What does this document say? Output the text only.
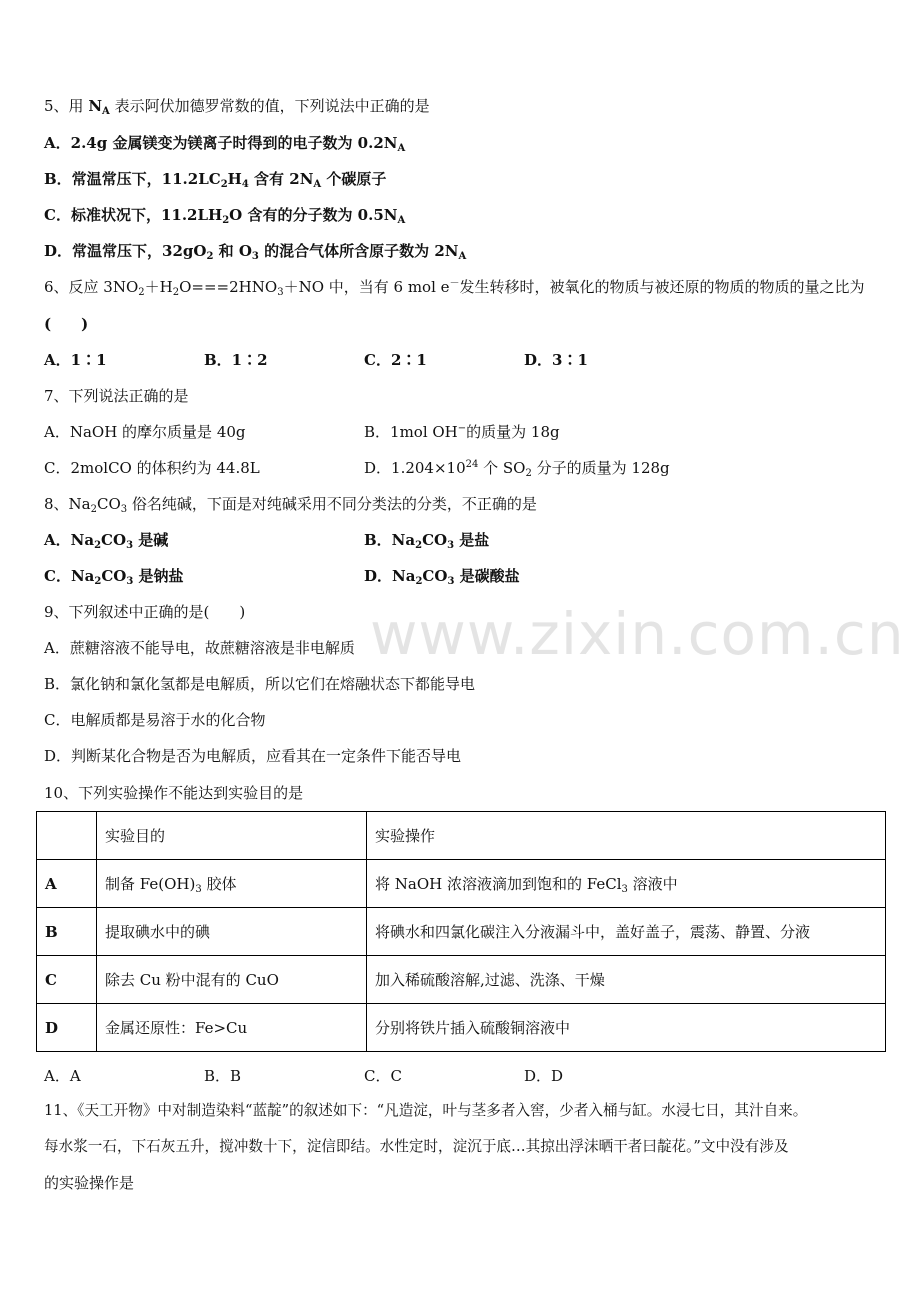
5、用 $N_A$ 表示阿伏加德罗常数的值，下列说法中正确的是
A．2.4g 金属镁变为镁离子时得到的电子数为 $0.2N_A$
B．常温常压下，$11.2LC_2H_4$ 含有 $2N_A$ 个碳原子
C．标准状况下，$11.2LH_2O$ 含有的分子数为 $0.5N_A$
D．常温常压下，$32gO_2$ 和 $O_3$ 的混合气体所含原子数为 $2N_A$
6、反应 $3NO_2+H_2O===2HNO_3+NO$ 中，当有 6 mol e－发生转移时，被氧化的物质与被还原的物质的物质的量之比为
(　　)
A．1∶1	B．1∶2	C．2∶1	D．3∶1
7、下列说法正确的是
A．NaOH 的摩尔质量是 40g	B．1mol OH−的质量为 18g
C．2molCO 的体积约为 44.8L	D．$1.204\times 10^{24}$ 个 $SO_2$ 分子的质量为 128g
8、$Na_2CO_3$ 俗名纯碱，下面是对纯碱采用不同分类法的分类，不正确的是
A．$Na_2CO_3$ 是碱	B．$Na_2CO_3$ 是盐
C．$Na_2CO_3$ 是钠盐	D．$Na_2CO_3$ 是碳酸盐
9、下列叙述中正确的是(　　)
A．蔗糖溶液不能导电，故蔗糖溶液是非电解质
B．氯化钠和氯化氢都是电解质，所以它们在熔融状态下都能导电
C．电解质都是易溶于水的化合物
D．判断某化合物是否为电解质，应看其在一定条件下能否导电
www.zixin.com.cn
10、下列实验操作不能达到实验目的是
	实验目的	实验操作
A	制备 $Fe(OH)_3$ 胶体	将 NaOH 浓溶液滴加到饱和的 FeCl$_3$ 溶液中
B	提取碘水中的碘	将碘水和四氯化碳注入分液漏斗中，盖好盖子，震荡、静置、分液
C	除去 Cu 粉中混有的 CuO	加入稀硫酸溶解,过滤、洗涤、干燥
D	金属还原性：Fe>Cu	分别将铁片插入硫酸铜溶液中
A．A	B．B	C．C	D．D
11、《天工开物》中对制造染料“蓝靛”的叙述如下：“凡造淀，叶与茎多者入窖，少者入桶与缸。水浸七日，其汁自来。
每水浆一石，下石灰五升，搅冲数十下，淀信即结。水性定时，淀沉于底…其掠出浮沫晒干者曰靛花。”文中没有涉及
的实验操作是
